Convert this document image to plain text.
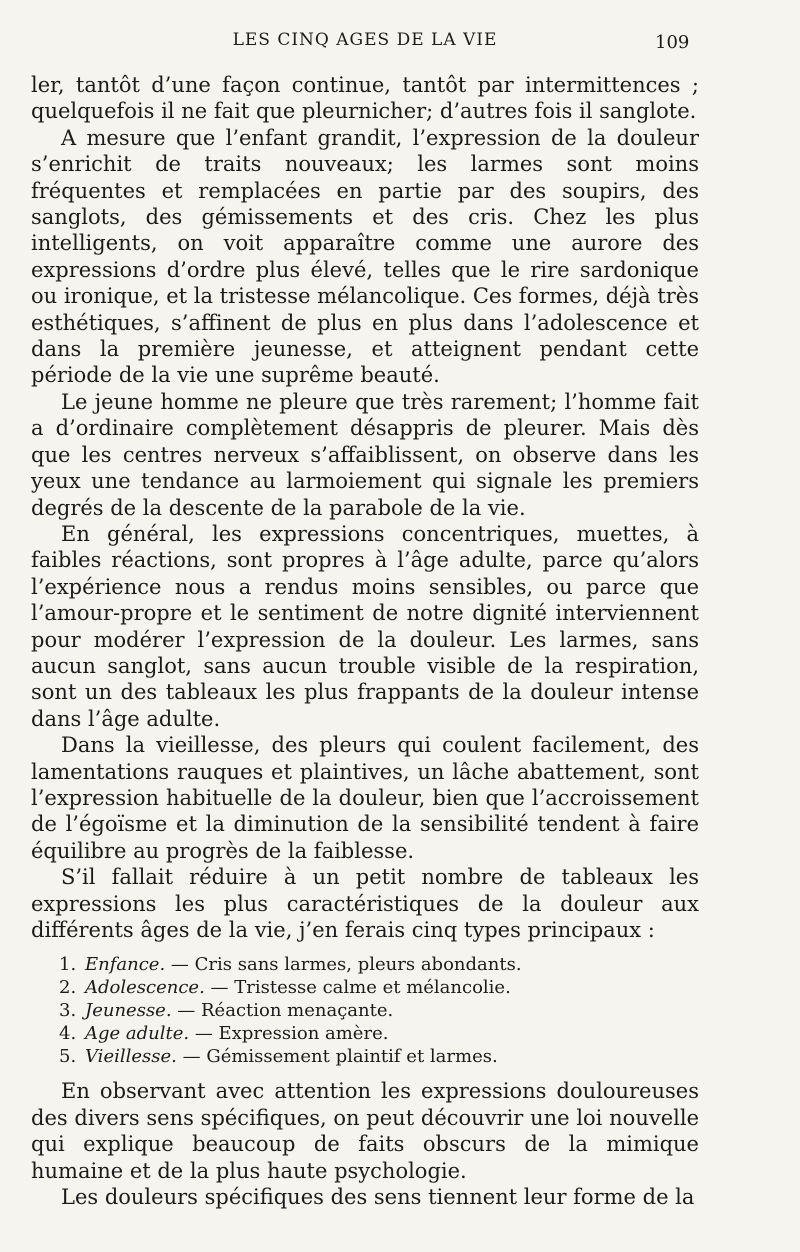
LES CINQ AGES DE LA VIE	109

ler, tantôt d’une façon continue, tantôt par intermittences ; quelquefois il ne fait que pleurnicher; d’autres fois il sanglote.

A mesure que l’enfant grandit, l’expression de la douleur s’enrichit de traits nouveaux; les larmes sont moins fréquentes et remplacées en partie par des soupirs, des sanglots, des gémissements et des cris. Chez les plus intelligents, on voit apparaître comme une aurore des expressions d’ordre plus élevé, telles que le rire sardonique ou ironique, et la tristesse mélancolique. Ces formes, déjà très esthétiques, s’affinent de plus en plus dans l’adolescence et dans la première jeunesse, et atteignent pendant cette période de la vie une suprême beauté.

Le jeune homme ne pleure que très rarement; l’homme fait a d’ordinaire complètement désappris de pleurer. Mais dès que les centres nerveux s’affaiblissent, on observe dans les yeux une tendance au larmoiement qui signale les premiers degrés de la descente de la parabole de la vie.

En général, les expressions concentriques, muettes, à faibles réactions, sont propres à l’âge adulte, parce qu’alors l’expérience nous a rendus moins sensibles, ou parce que l’amour-propre et le sentiment de notre dignité interviennent pour modérer l’expression de la douleur. Les larmes, sans aucun sanglot, sans aucun trouble visible de la respiration, sont un des tableaux les plus frappants de la douleur intense dans l’âge adulte.

Dans la vieillesse, des pleurs qui coulent facilement, des lamentations rauques et plaintives, un lâche abattement, sont l’expression habituelle de la douleur, bien que l’accroissement de l’égoïsme et la diminution de la sensibilité tendent à faire équilibre au progrès de la faiblesse.

S’il fallait réduire à un petit nombre de tableaux les expressions les plus caractéristiques de la douleur aux différents âges de la vie, j’en ferais cinq types principaux :

1. Enfance. — Cris sans larmes, pleurs abondants.
2. Adolescence. — Tristesse calme et mélancolie.
3. Jeunesse. — Réaction menaçante.
4. Age adulte. — Expression amère.
5. Vieillesse. — Gémissement plaintif et larmes.

En observant avec attention les expressions douloureuses des divers sens spécifiques, on peut découvrir une loi nouvelle qui explique beaucoup de faits obscurs de la mimique humaine et de la plus haute psychologie.

Les douleurs spécifiques des sens tiennent leur forme de la
